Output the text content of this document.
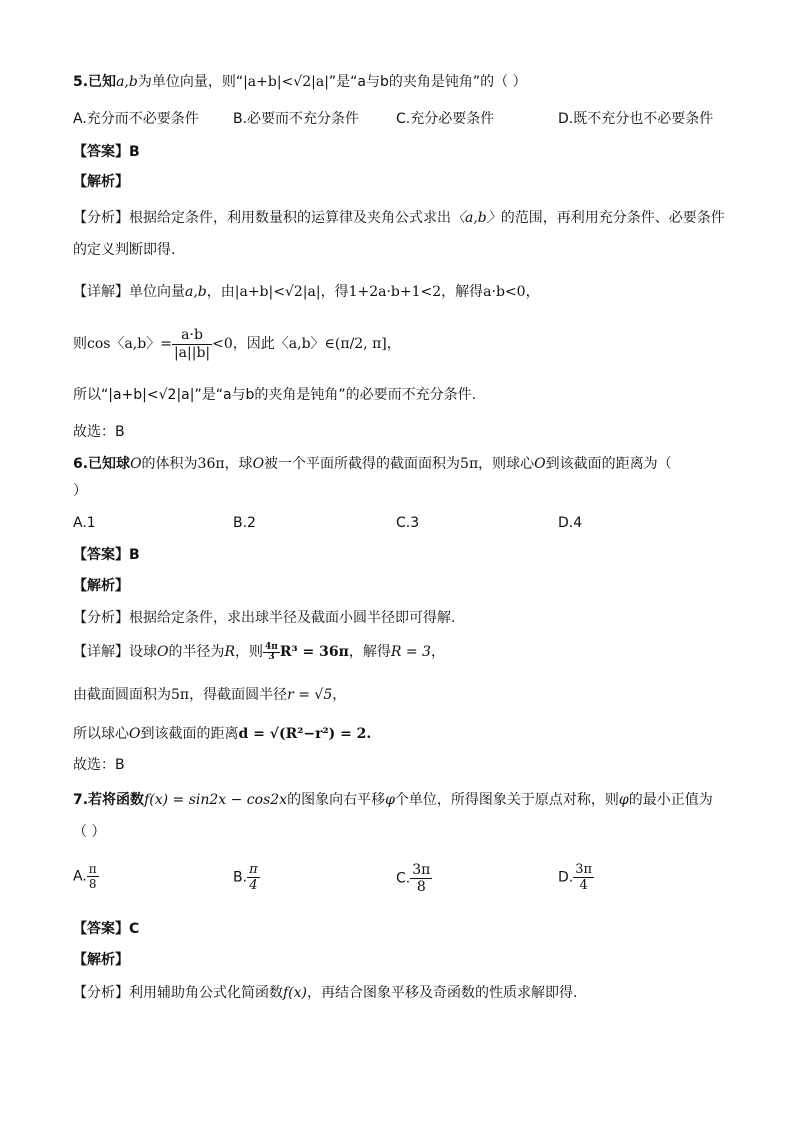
5.已知a,b为单位向量，则“|a+b|<√2|a|”是“a与b的夹角是钝角”的（ ）
A.充分而不必要条件 B.必要而不充分条件	C.充分必要条件	D.既不充分也不必要条件
【答案】B
【解析】
【分析】根据给定条件，利用数量积的运算律及夹角公式求出〈a,b〉的范围，再利用充分条件、必要条件
的定义判断即得.
【详解】单位向量a,b，由|a+b|<√2|a|，得1+2a·b+1<2，解得a·b<0，
则cos〈a,b〉= $\frac{a\cdot b}{|a||b|} <0$，因此〈a,b〉∈(π/2, π]，
所以“|a+b|<√2|a|”是“a与b的夹角是钝角”的必要而不充分条件.
故选：B
6.已知球O的体积为36π，球O被一个平面所截得的截面面积为5π，则球心O到该截面的距离为（
）
A.1	B.2	C.3	D.4
【答案】B
【解析】
【分析】根据给定条件，求出球半径及截面小圆半径即可得解.
【详解】设球O的半径为R，则 $\frac{4\pi}{3} R^3 = 36\pi$，解得R = 3，
由截面圆面积为5π，得截面圆半径r = √5，
所以球心O到该截面的距离d = √(R²−r²) = 2.
故选：B
7.若将函数f(x) = sin2x − cos2x的图象向右平移φ个单位，所得图象关于原点对称，则φ的最小正值为
（ ）
A. $\frac{\pi}{8}$	B. $\frac{\pi}{4}$	C. $\frac{3\pi}{8}$	D. $\frac{3\pi}{4}$
【答案】C
【解析】
【分析】利用辅助角公式化简函数f(x)，再结合图象平移及奇函数的性质求解即得.
